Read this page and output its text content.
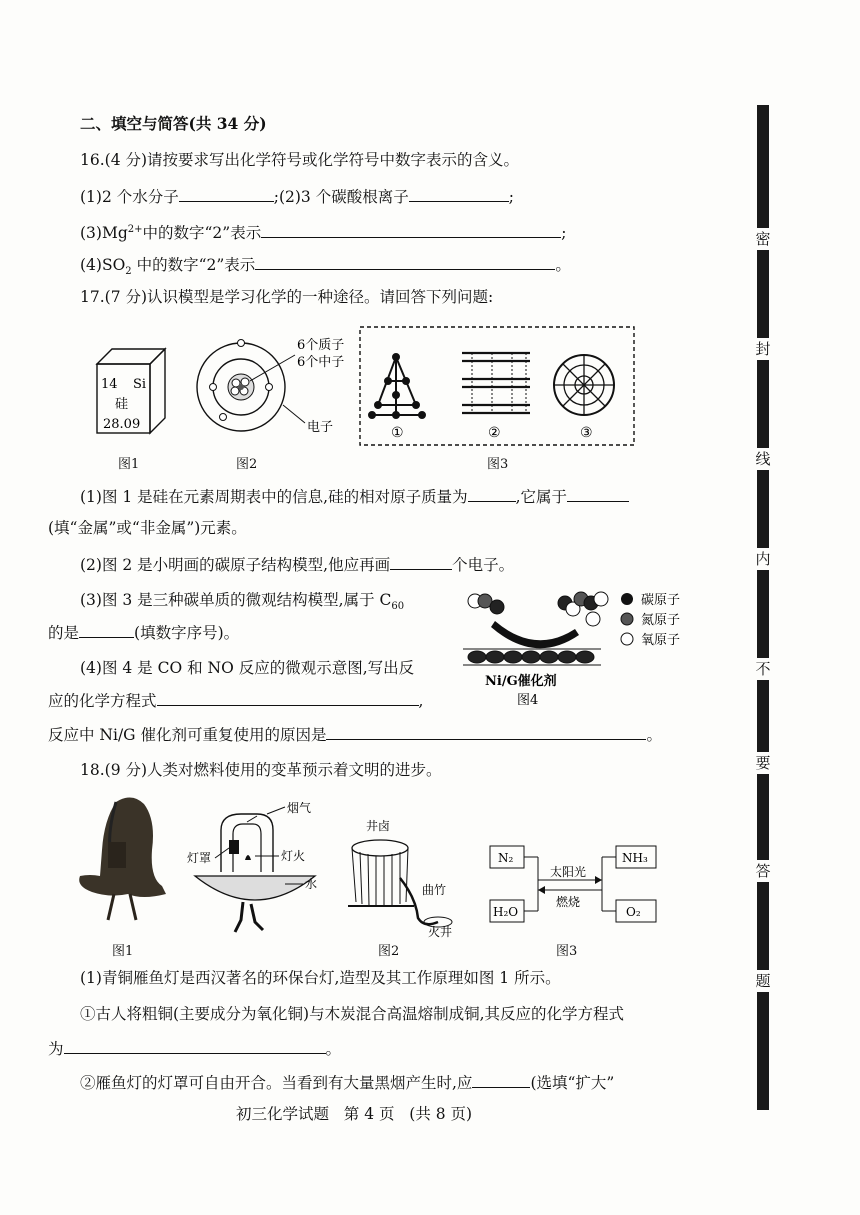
密
封
线
内
不
要
答
题
二、填空与简答(共 34 分)
16.(4 分)请按要求写出化学符号或化学符号中数字表示的含义。
(1)2 个水分子	;(2)3 个碳酸根离子	;
$(3)Mg^{2+}$中的数字“2”表示	;
$(4)SO_2$ 中的数字“2”表示	。
17.(7 分)认识模型是学习化学的一种途径。请回答下列问题:
14 Si
硅
28.09
图1
6个质子
6个中子
电子
图2
①	②	③
图3
(1)图 1 是硅在元素周期表中的信息,硅的相对原子质量为	,它属于
(填“金属”或“非金属”)元素。
(2)图 2 是小明画的碳原子结构模型,他应再画	个电子。
(3)图 3 是三种碳单质的微观结构模型,属于 $C_{60}$
的是	(填数字序号)。
(4)图 4 是 CO 和 NO 反应的微观示意图,写出反
应的化学方程式	,
反应中 Ni/G 催化剂可重复使用的原因是	。
Ni/G催化剂
图4
碳原子
氮原子
氧原子
18.(9 分)人类对燃料使用的变革预示着文明的进步。
图1
烟气
灯罩	灯火
水
井卤
曲竹
火井
图2
N₂
H₂O
NH₃
O₂
太阳光
燃烧
图3
(1)青铜雁鱼灯是西汉著名的环保台灯,造型及其工作原理如图 1 所示。
①古人将粗铜(主要成分为氧化铜)与木炭混合高温熔制成铜,其反应的化学方程式
为	。
②雁鱼灯的灯罩可自由开合。当看到有大量黑烟产生时,应	(选填“扩大”
初三化学试题   第 4 页   (共 8 页)
